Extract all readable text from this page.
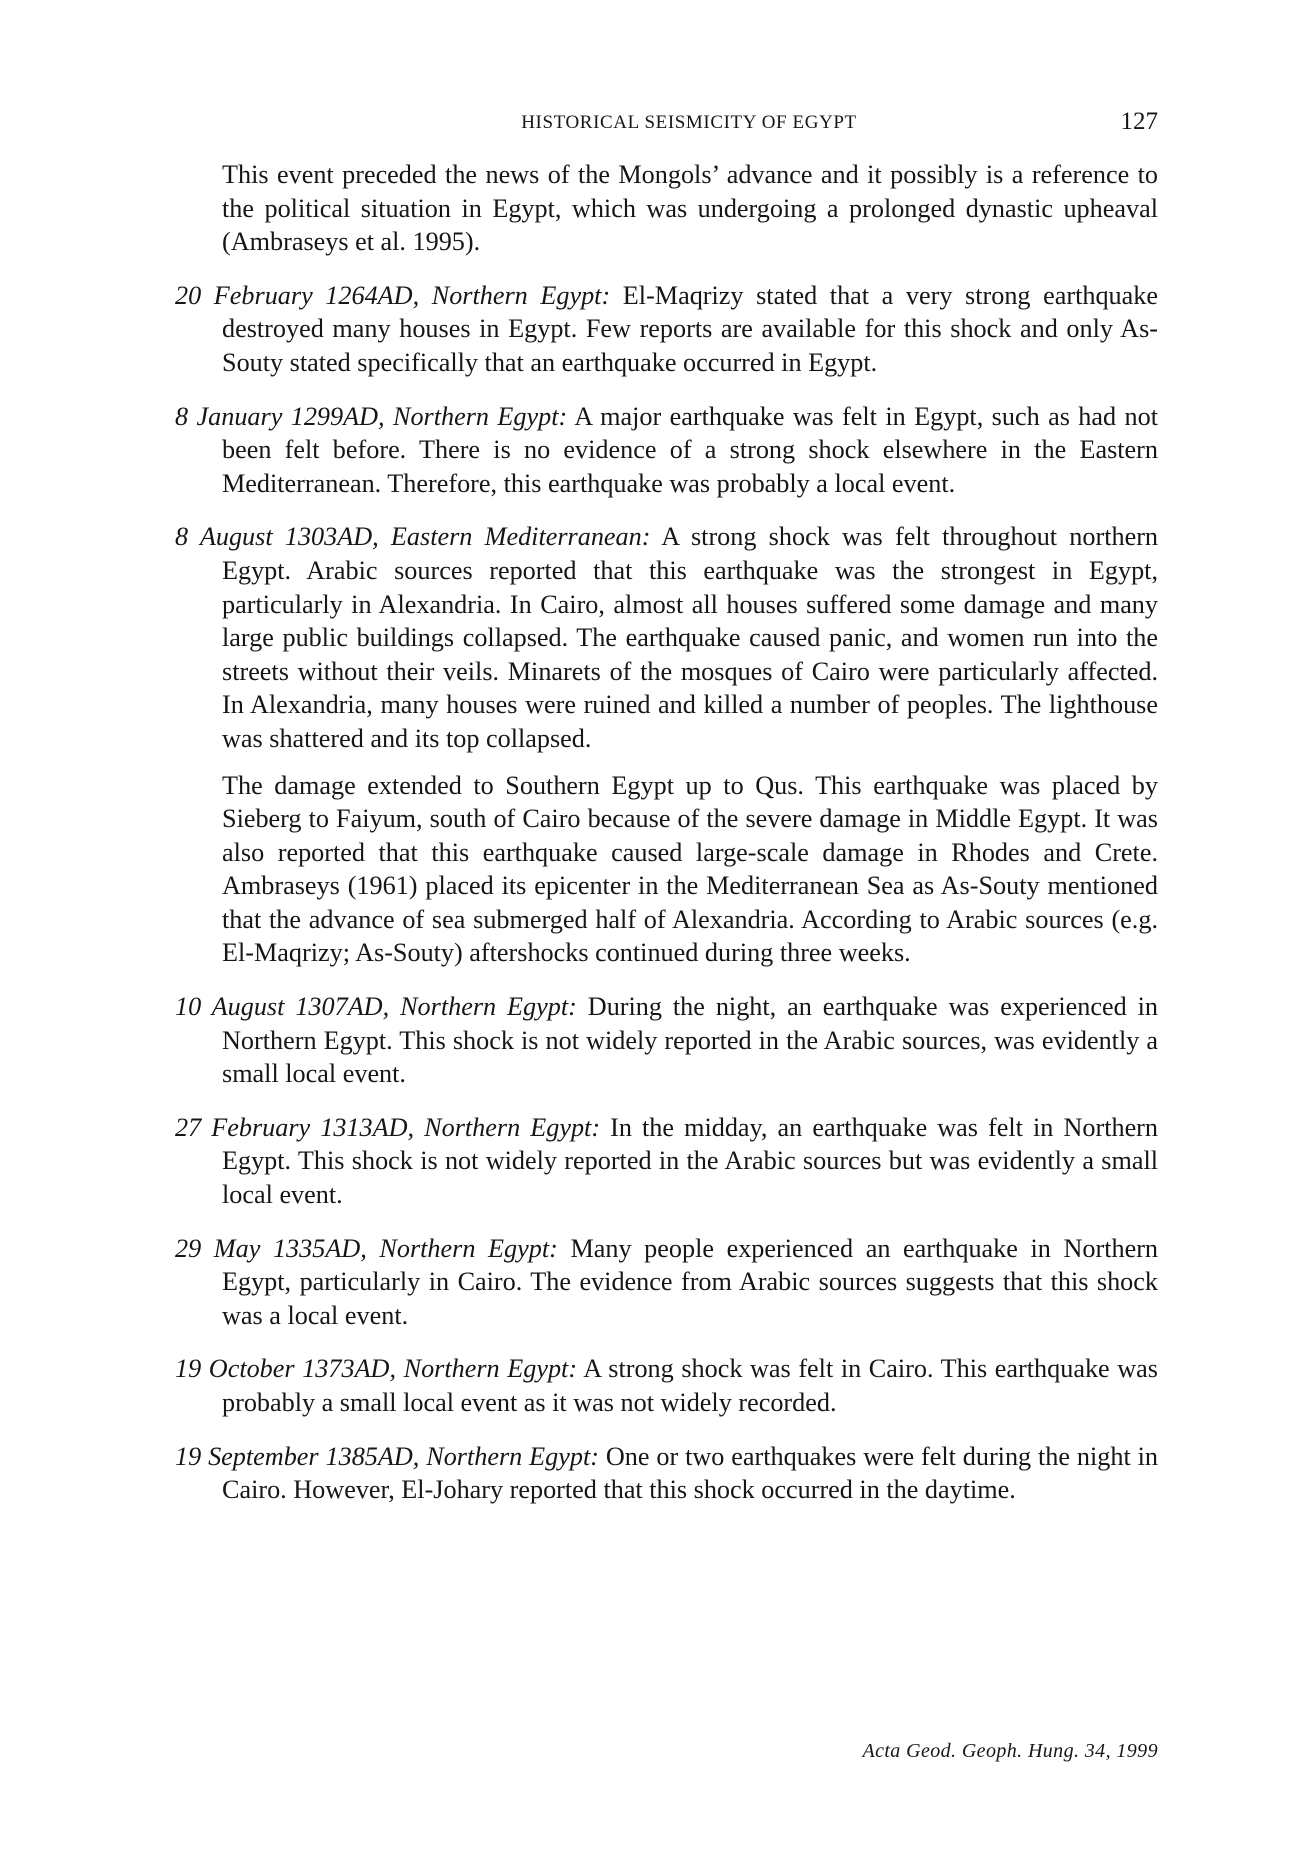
HISTORICAL SEISMICITY OF EGYPT	127

This event preceded the news of the Mongols’ advance and it possibly is a reference to the political situation in Egypt, which was undergoing a prolonged dynastic upheaval (Ambraseys et al. 1995).

20 February 1264AD, Northern Egypt: El-Maqrizy stated that a very strong earthquake destroyed many houses in Egypt. Few reports are available for this shock and only As-Souty stated specifically that an earthquake occurred in Egypt.

8 January 1299AD, Northern Egypt: A major earthquake was felt in Egypt, such as had not been felt before. There is no evidence of a strong shock elsewhere in the Eastern Mediterranean. Therefore, this earthquake was probably a local event.

8 August 1303AD, Eastern Mediterranean: A strong shock was felt throughout northern Egypt. Arabic sources reported that this earthquake was the strongest in Egypt, particularly in Alexandria. In Cairo, almost all houses suffered some damage and many large public buildings collapsed. The earthquake caused panic, and women run into the streets without their veils. Minarets of the mosques of Cairo were particularly affected. In Alexandria, many houses were ruined and killed a number of peoples. The lighthouse was shattered and its top collapsed.
The damage extended to Southern Egypt up to Qus. This earthquake was placed by Sieberg to Faiyum, south of Cairo because of the severe damage in Middle Egypt. It was also reported that this earthquake caused large-scale damage in Rhodes and Crete. Ambraseys (1961) placed its epicenter in the Mediterranean Sea as As-Souty mentioned that the advance of sea submerged half of Alexandria. According to Arabic sources (e.g. El-Maqrizy; As-Souty) aftershocks continued during three weeks.

10 August 1307AD, Northern Egypt: During the night, an earthquake was experienced in Northern Egypt. This shock is not widely reported in the Arabic sources, was evidently a small local event.

27 February 1313AD, Northern Egypt: In the midday, an earthquake was felt in Northern Egypt. This shock is not widely reported in the Arabic sources but was evidently a small local event.

29 May 1335AD, Northern Egypt: Many people experienced an earthquake in Northern Egypt, particularly in Cairo. The evidence from Arabic sources suggests that this shock was a local event.

19 October 1373AD, Northern Egypt: A strong shock was felt in Cairo. This earthquake was probably a small local event as it was not widely recorded.

19 September 1385AD, Northern Egypt: One or two earthquakes were felt during the night in Cairo. However, El-Johary reported that this shock occurred in the daytime.

Acta Geod. Geoph. Hung. 34, 1999
